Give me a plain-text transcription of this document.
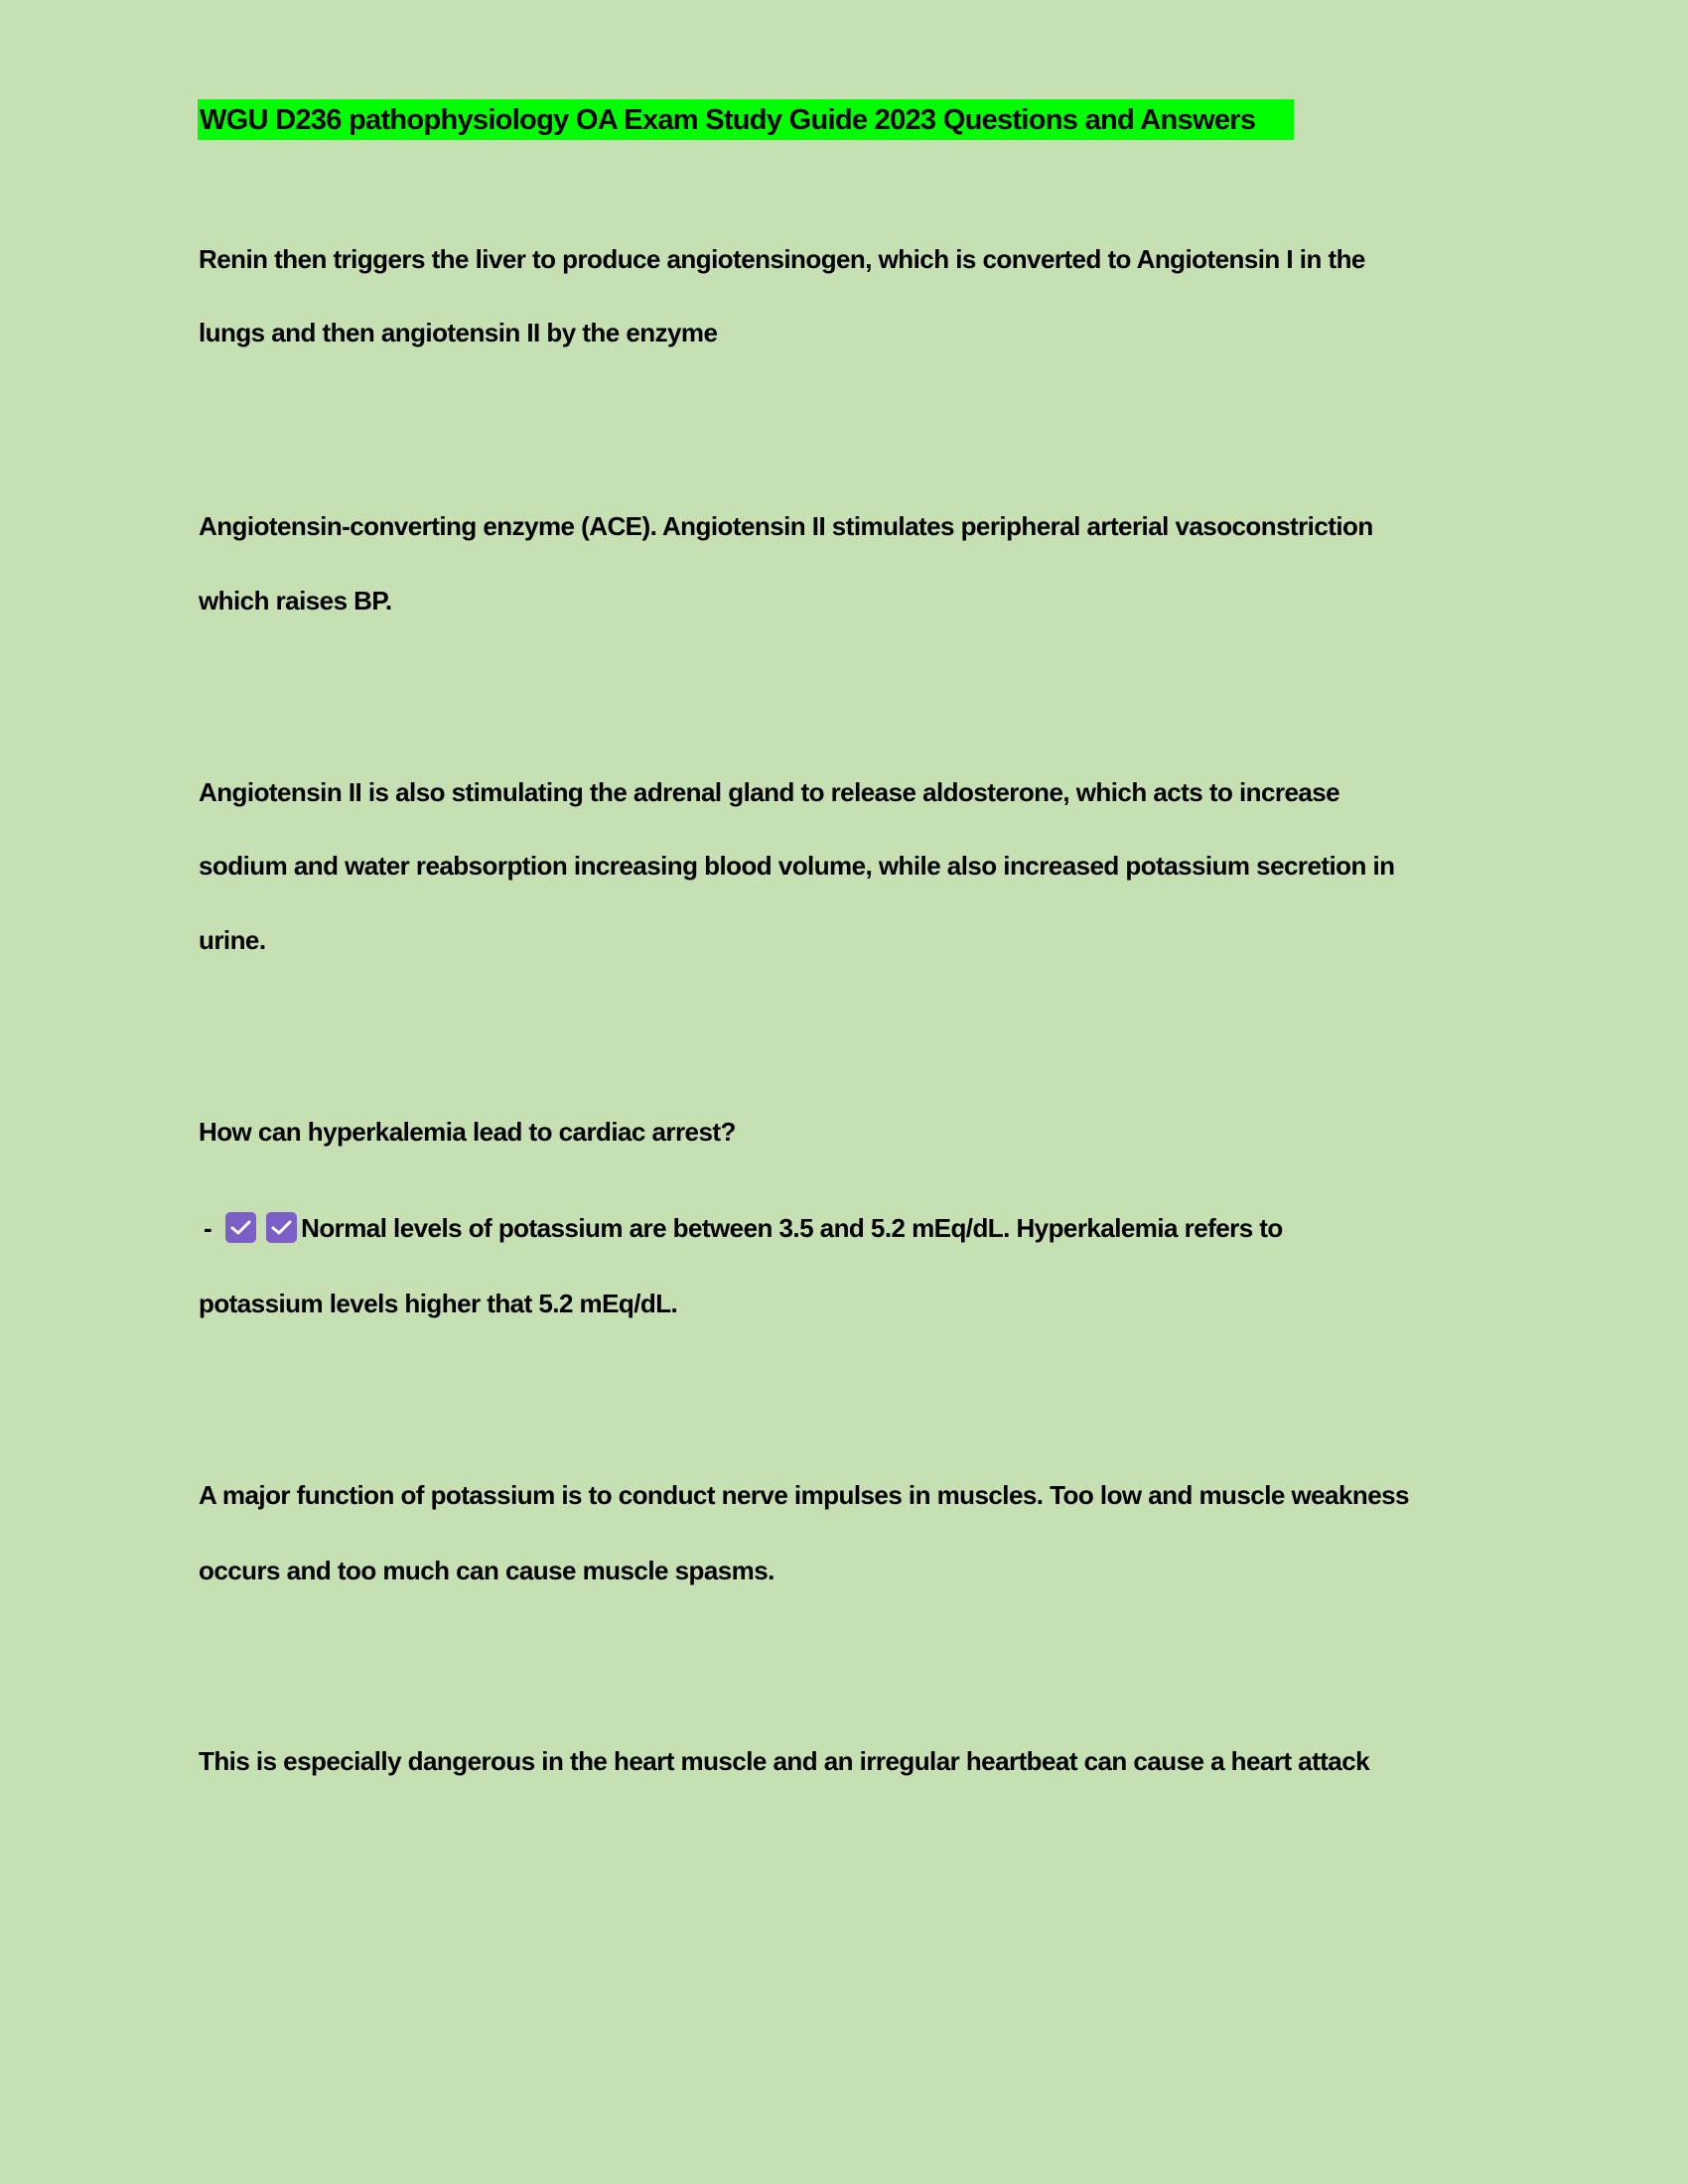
WGU D236 pathophysiology OA Exam Study Guide 2023 Questions and Answers
Renin then triggers the liver to produce angiotensinogen, which is converted to Angiotensin I in the
lungs and then angiotensin II by the enzyme
Angiotensin-converting enzyme (ACE). Angiotensin II stimulates peripheral arterial vasoconstriction
which raises BP.
Angiotensin II is also stimulating the adrenal gland to release aldosterone, which acts to increase
sodium and water reabsorption increasing blood volume, while also increased potassium secretion in
urine.
How can hyperkalemia lead to cardiac arrest?
-	Normal levels of potassium are between 3.5 and 5.2 mEq/dL. Hyperkalemia refers to
potassium levels higher that 5.2 mEq/dL.
A major function of potassium is to conduct nerve impulses in muscles. Too low and muscle weakness
occurs and too much can cause muscle spasms.
This is especially dangerous in the heart muscle and an irregular heartbeat can cause a heart attack
